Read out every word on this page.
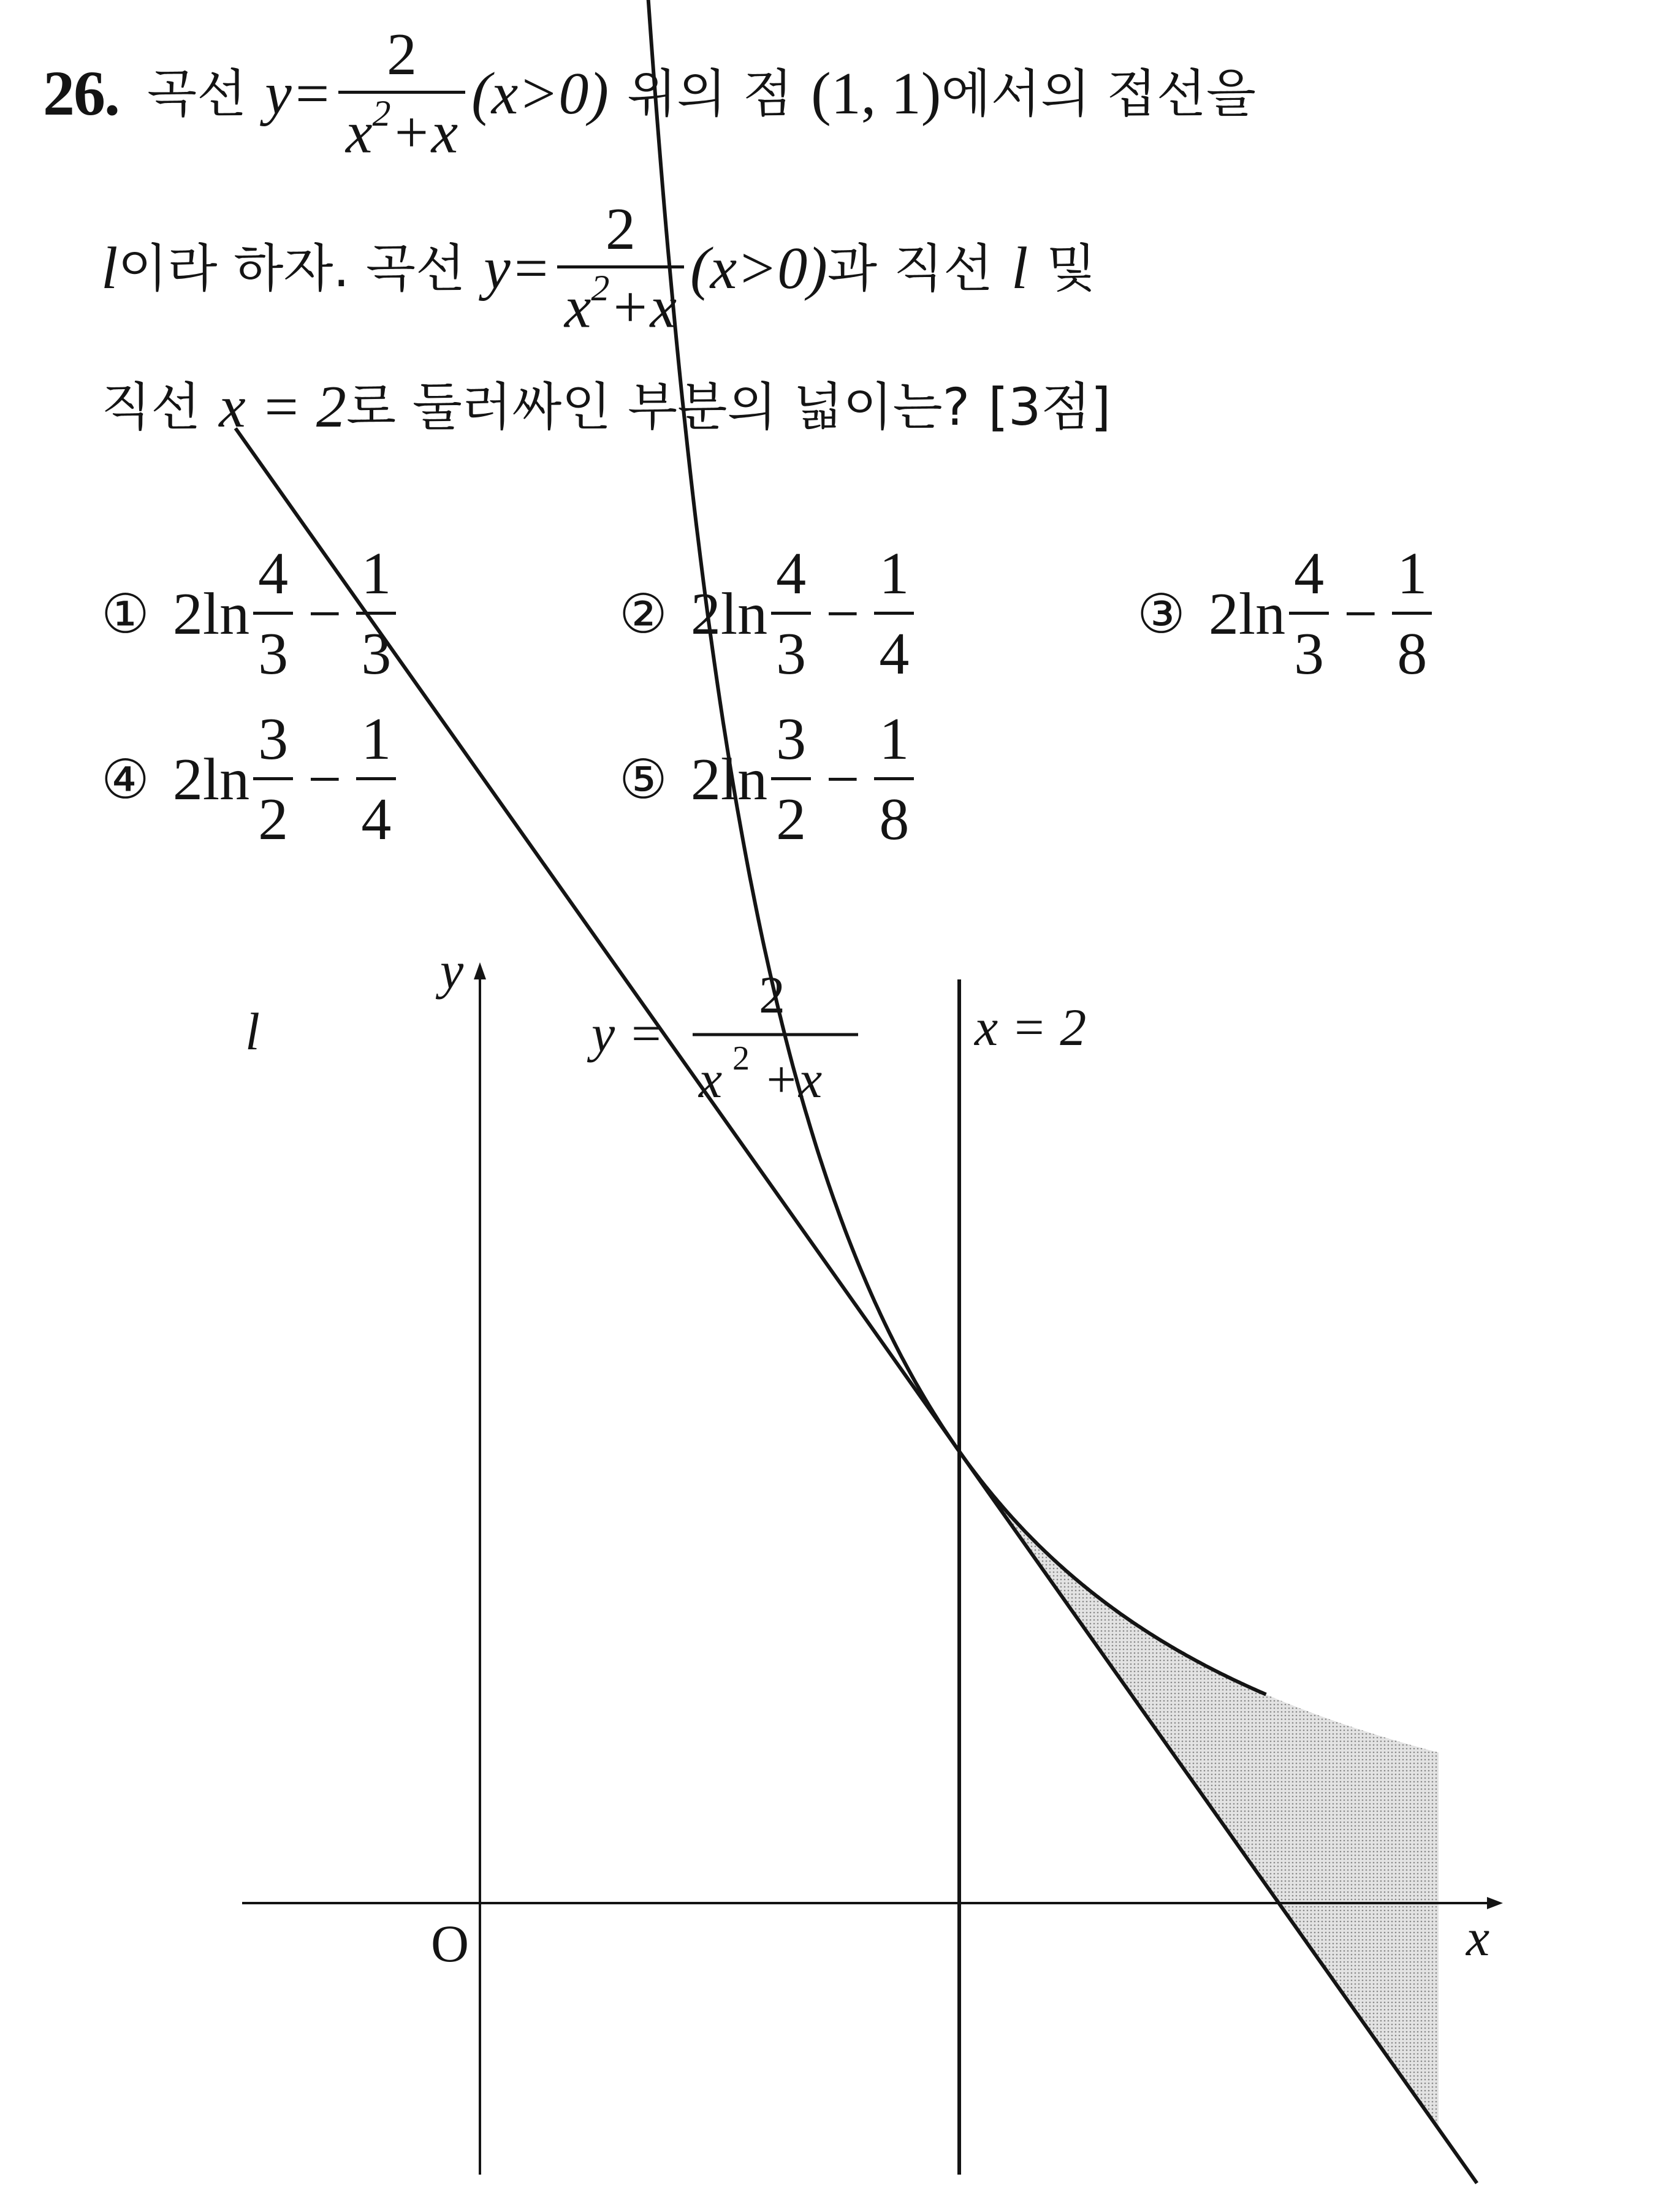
26. 곡선 $y= \frac{2}{x^2+x} (x>0)$ 위의 점 (1, 1) 에서의 접선을
l 이라 하자. 곡선 $y= \frac{2}{x^2+x} (x>0)$ 과 직선 l 및
직선 x = 2 로 둘러싸인 부분의 넓이는? [3점]
① 2 $\ln \frac{4}{3} - \frac{1}{3}$	② 2 $\ln \frac{4}{3} - \frac{1}{4}$	③ 2 $\ln \frac{4}{3} - \frac{1}{8}$
④ 2 $\ln \frac{3}{2} - \frac{1}{4}$	⑤ 2 $\ln \frac{3}{2} - \frac{1}{8}$
l
y
x
O
y =
2
x 2 +x
x = 2
